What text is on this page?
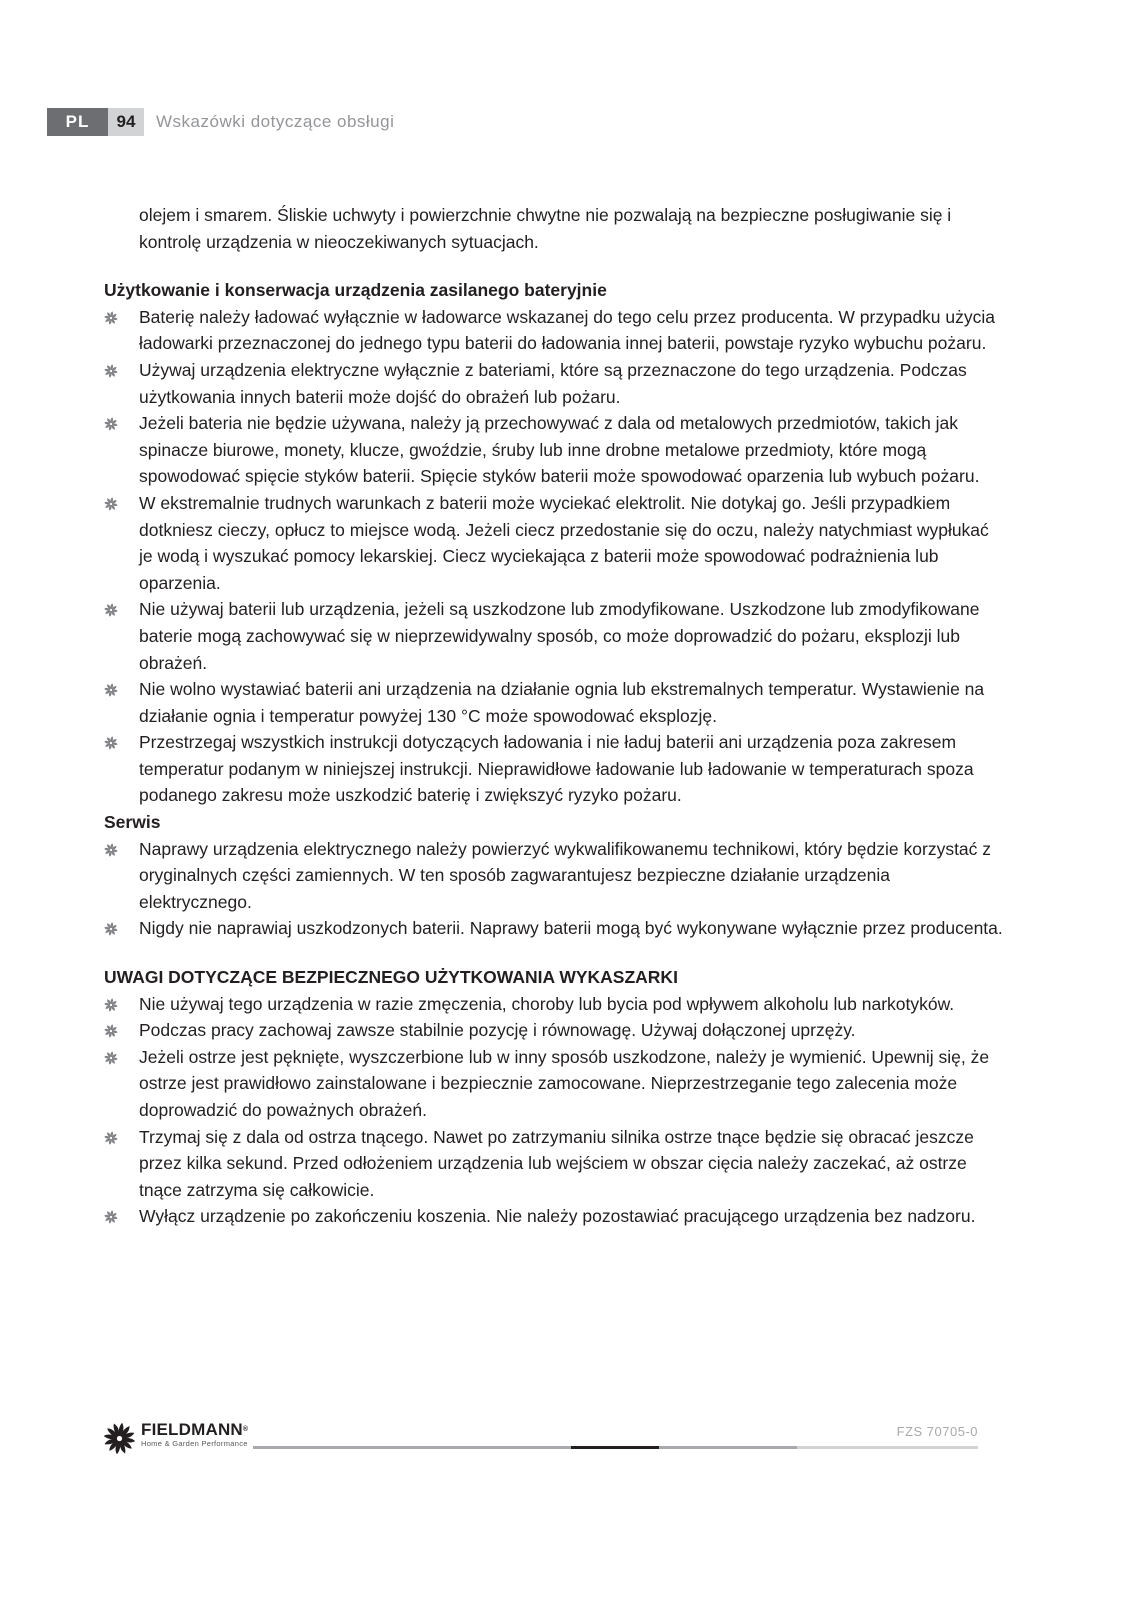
PL	94	Wskazówki dotyczące obsługi

olejem i smarem. Śliskie uchwyty i powierzchnie chwytne nie pozwalają na bezpieczne posługiwanie się i kontrolę urządzenia w nieoczekiwanych sytuacjach.

Użytkowanie i konserwacja urządzenia zasilanego bateryjnie
Baterię należy ładować wyłącznie w ładowarce wskazanej do tego celu przez producenta. W przypadku użycia ładowarki przeznaczonej do jednego typu baterii do ładowania innej baterii, powstaje ryzyko wybuchu pożaru.
Używaj urządzenia elektryczne wyłącznie z bateriami, które są przeznaczone do tego urządzenia. Podczas użytkowania innych baterii może dojść do obrażeń lub pożaru.
Jeżeli bateria nie będzie używana, należy ją przechowywać z dala od metalowych przedmiotów, takich jak spinacze biurowe, monety, klucze, gwoździe, śruby lub inne drobne metalowe przedmioty, które mogą spowodować spięcie styków baterii. Spięcie styków baterii może spowodować oparzenia lub wybuch pożaru.
W ekstremalnie trudnych warunkach z baterii może wyciekać elektrolit. Nie dotykaj go. Jeśli przypadkiem dotkniesz cieczy, opłucz to miejsce wodą. Jeżeli ciecz przedostanie się do oczu, należy natychmiast wypłukać je wodą i wyszukać pomocy lekarskiej. Ciecz wyciekająca z baterii może spowodować podrażnienia lub oparzenia.
Nie używaj baterii lub urządzenia, jeżeli są uszkodzone lub zmodyfikowane. Uszkodzone lub zmodyfikowane baterie mogą zachowywać się w nieprzewidywalny sposób, co może doprowadzić do pożaru, eksplozji lub obrażeń.
Nie wolno wystawiać baterii ani urządzenia na działanie ognia lub ekstremalnych temperatur. Wystawienie na działanie ognia i temperatur powyżej 130 °C może spowodować eksplozję.
Przestrzegaj wszystkich instrukcji dotyczących ładowania i nie ładuj baterii ani urządzenia poza zakresem temperatur podanym w niniejszej instrukcji. Nieprawidłowe ładowanie lub ładowanie w temperaturach spoza podanego zakresu może uszkodzić baterię i zwiększyć ryzyko pożaru.
Serwis
Naprawy urządzenia elektrycznego należy powierzyć wykwalifikowanemu technikowi, który będzie korzystać z oryginalnych części zamiennych. W ten sposób zagwarantujesz bezpieczne działanie urządzenia elektrycznego.
Nigdy nie naprawiaj uszkodzonych baterii. Naprawy baterii mogą być wykonywane wyłącznie przez producenta.
UWAGI DOTYCZĄCE BEZPIECZNEGO UŻYTKOWANIA WYKASZARKI
Nie używaj tego urządzenia w razie zmęczenia, choroby lub bycia pod wpływem alkoholu lub narkotyków.
Podczas pracy zachowaj zawsze stabilnie pozycję i równowagę. Używaj dołączonej uprzęży.
Jeżeli ostrze jest pęknięte, wyszczerbione lub w inny sposób uszkodzone, należy je wymienić. Upewnij się, że ostrze jest prawidłowo zainstalowane i bezpiecznie zamocowane. Nieprzestrzeganie tego zalecenia może doprowadzić do poważnych obrażeń.
Trzymaj się z dala od ostrza tnącego. Nawet po zatrzymaniu silnika ostrze tnące będzie się obracać jeszcze przez kilka sekund. Przed odłożeniem urządzenia lub wejściem w obszar cięcia należy zaczekać, aż ostrze tnące zatrzyma się całkowicie.
Wyłącz urządzenie po zakończeniu koszenia. Nie należy pozostawiać pracującego urządzenia bez nadzoru.
FIELDMANN®
Home & Garden Performance
FZS 70705-0
